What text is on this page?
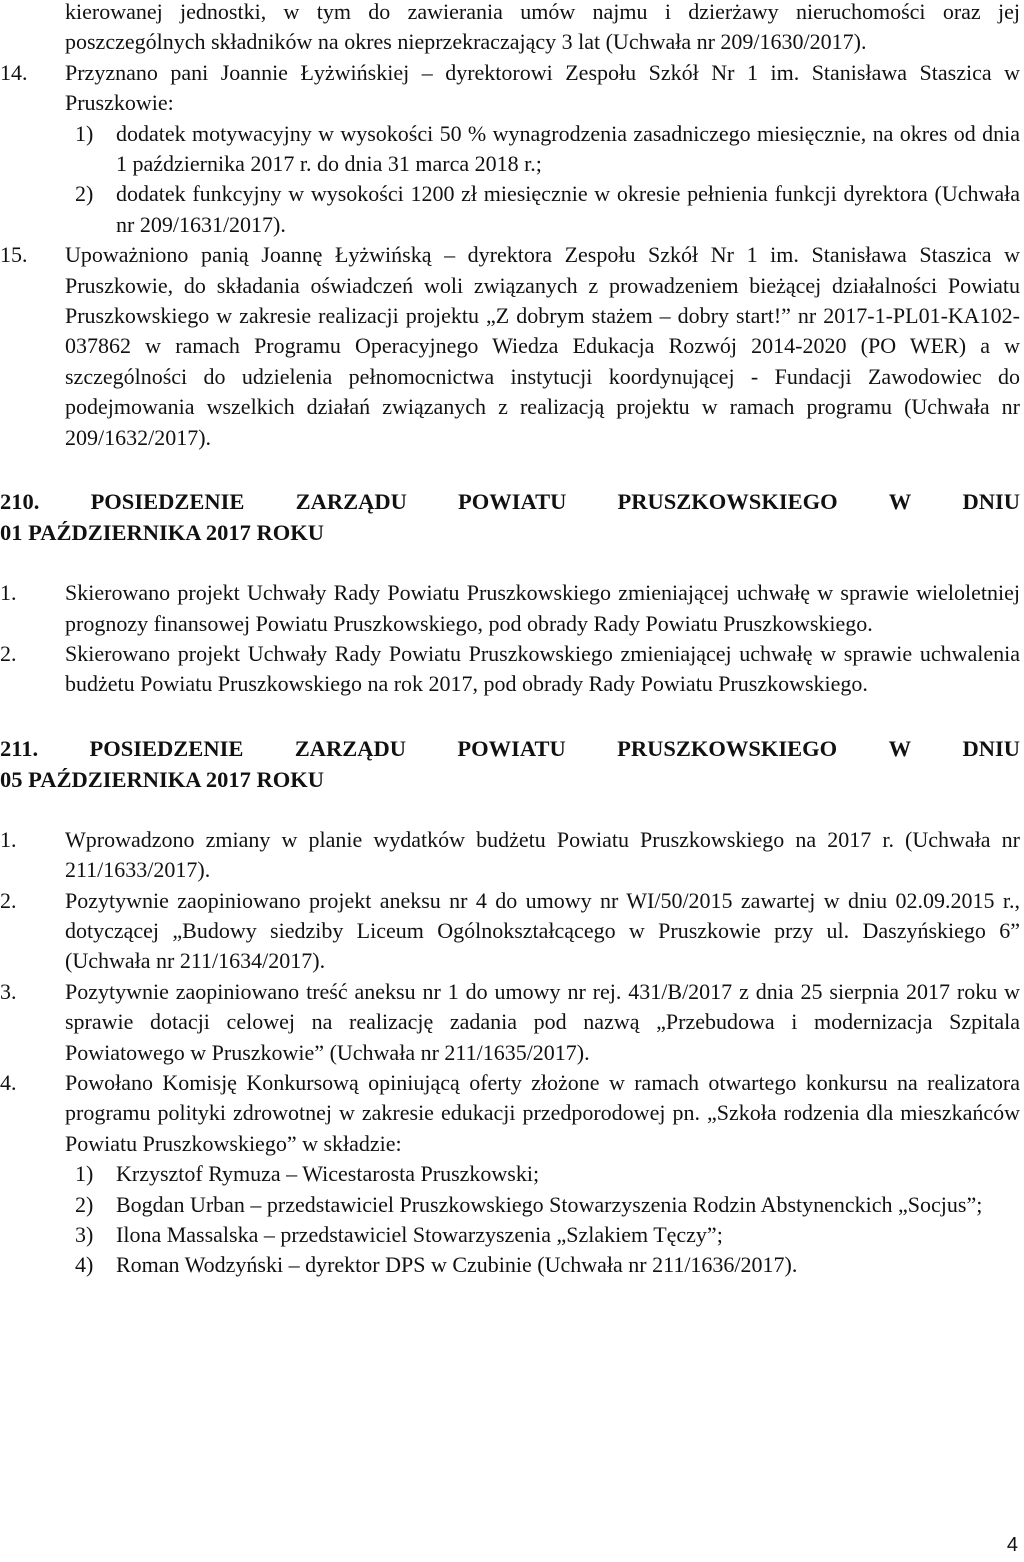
kierowanej jednostki, w tym do zawierania umów najmu i dzierżawy nieruchomości oraz jej poszczególnych składników na okres nieprzekraczający 3 lat (Uchwała nr 209/1630/2017).

14.	Przyznano pani Joannie Łyżwińskiej – dyrektorowi Zespołu Szkół Nr 1 im. Stanisława Staszica w Pruszkowie:
1)	dodatek motywacyjny w wysokości 50 % wynagrodzenia zasadniczego miesięcznie, na okres od dnia 1 października 2017 r. do dnia 31 marca 2018 r.;
2)	dodatek funkcyjny w wysokości 1200 zł miesięcznie w okresie pełnienia funkcji dyrektora (Uchwała nr 209/1631/2017).
15.	Upoważniono panią Joannę Łyżwińską – dyrektora Zespołu Szkół Nr 1 im. Stanisława Staszica w Pruszkowie, do składania oświadczeń woli związanych z prowadzeniem bieżącej działalności Powiatu Pruszkowskiego w zakresie realizacji projektu „Z dobrym stażem – dobry start!” nr 2017-1-PL01-KA102-037862 w ramach Programu Operacyjnego Wiedza Edukacja Rozwój 2014-2020 (PO WER) a w szczególności do udzielenia pełnomocnictwa instytucji koordynującej - Fundacji Zawodowiec do podejmowania wszelkich działań związanych z realizacją projektu w ramach programu (Uchwała nr 209/1632/2017).
210. POSIEDZENIE ZARZĄDU POWIATU PRUSZKOWSKIEGO W DNIU
01 PAŹDZIERNIKA 2017 ROKU
1.	Skierowano projekt Uchwały Rady Powiatu Pruszkowskiego zmieniającej uchwałę w sprawie wieloletniej prognozy finansowej Powiatu Pruszkowskiego, pod obrady Rady Powiatu Pruszkowskiego.
2.	Skierowano projekt Uchwały Rady Powiatu Pruszkowskiego zmieniającej uchwałę w sprawie uchwalenia budżetu Powiatu Pruszkowskiego na rok 2017, pod obrady Rady Powiatu Pruszkowskiego.
211. POSIEDZENIE ZARZĄDU POWIATU PRUSZKOWSKIEGO W DNIU
05 PAŹDZIERNIKA 2017 ROKU
1.	Wprowadzono zmiany w planie wydatków budżetu Powiatu Pruszkowskiego na 2017 r. (Uchwała nr 211/1633/2017).
2.	Pozytywnie zaopiniowano projekt aneksu nr 4 do umowy nr WI/50/2015 zawartej w dniu 02.09.2015 r., dotyczącej „Budowy siedziby Liceum Ogólnokształcącego w Pruszkowie przy ul. Daszyńskiego 6” (Uchwała nr 211/1634/2017).
3.	Pozytywnie zaopiniowano treść aneksu nr 1 do umowy nr rej. 431/B/2017 z dnia 25 sierpnia 2017 roku w sprawie dotacji celowej na realizację zadania pod nazwą „Przebudowa i modernizacja Szpitala Powiatowego w Pruszkowie” (Uchwała nr 211/1635/2017).
4.	Powołano Komisję Konkursową opiniującą oferty złożone w ramach otwartego konkursu na realizatora programu polityki zdrowotnej w zakresie edukacji przedporodowej pn. „Szkoła rodzenia dla mieszkańców Powiatu Pruszkowskiego” w składzie:
1)	Krzysztof Rymuza – Wicestarosta Pruszkowski;
2)	Bogdan Urban – przedstawiciel Pruszkowskiego Stowarzyszenia Rodzin Abstynenckich „Socjus”;
3)	Ilona Massalska – przedstawiciel Stowarzyszenia „Szlakiem Tęczy”;
4)	Roman Wodzyński – dyrektor DPS w Czubinie (Uchwała nr 211/1636/2017).
4
